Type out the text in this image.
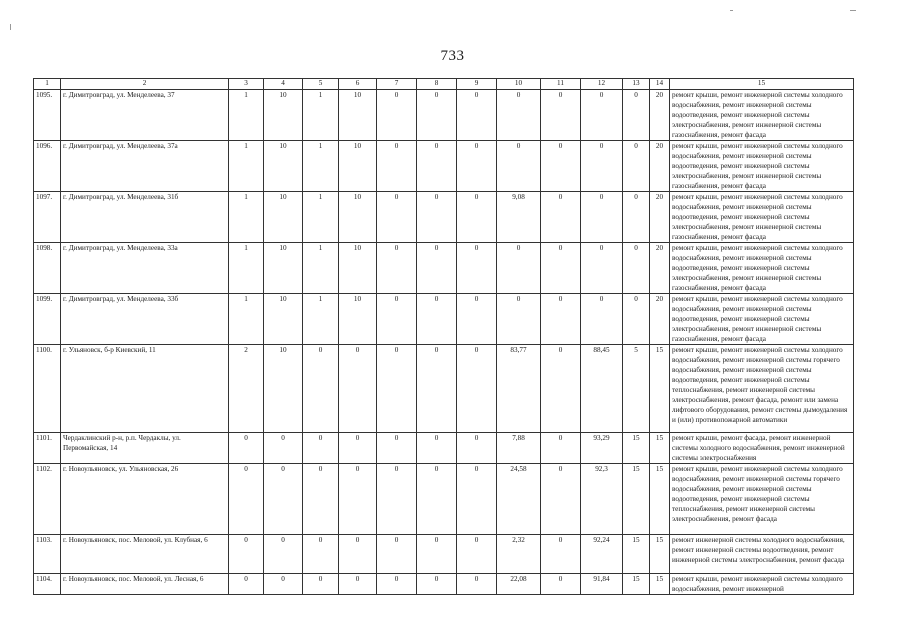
733
1	2	3	4	5	6	7	8	9	10	11	12	13	14	15
1095.	г. Димитровград, ул. Менделеева, 37	1	10	1	10	0	0	0	0	0	0	0	20	ремонт крыши, ремонт инженерной системы холодного водоснабжения, ремонт инженерной системы водоотведения, ремонт инженерной системы электроснабжения, ремонт инженерной системы газоснабжения, ремонт фасада
1096.	г. Димитровград, ул. Менделеева, 37а	1	10	1	10	0	0	0	0	0	0	0	20	ремонт крыши, ремонт инженерной системы холодного водоснабжения, ремонт инженерной системы водоотведения, ремонт инженерной системы электроснабжения, ремонт инженерной системы газоснабжения, ремонт фасада
1097.	г. Димитровград, ул. Менделеева, 31б	1	10	1	10	0	0	0	9,08	0	0	0	20	ремонт крыши, ремонт инженерной системы холодного водоснабжения, ремонт инженерной системы водоотведения, ремонт инженерной системы электроснабжения, ремонт инженерной системы газоснабжения, ремонт фасада
1098.	г. Димитровград, ул. Менделеева, 33а	1	10	1	10	0	0	0	0	0	0	0	20	ремонт крыши, ремонт инженерной системы холодного водоснабжения, ремонт инженерной системы водоотведения, ремонт инженерной системы электроснабжения, ремонт инженерной системы газоснабжения, ремонт фасада
1099.	г. Димитровград, ул. Менделеева, 33б	1	10	1	10	0	0	0	0	0	0	0	20	ремонт крыши, ремонт инженерной системы холодного водоснабжения, ремонт инженерной системы водоотведения, ремонт инженерной системы электроснабжения, ремонт инженерной системы газоснабжения, ремонт фасада
1100.	г. Ульяновск, б-р Киевский, 11	2	10	0	0	0	0	0	83,77	0	88,45	5	15	ремонт крыши, ремонт инженерной системы холодного водоснабжения, ремонт инженерной системы горячего водоснабжения, ремонт инженерной системы водоотведения, ремонт инженерной системы теплоснабжения, ремонт инженерной системы электроснабжения, ремонт фасада, ремонт или замена лифтового оборудования, ремонт системы дымоудаления и (или) противопожарной автоматики
1101.	Чердаклинский р-н, р.п. Чердаклы, ул. Первомайская, 14	0	0	0	0	0	0	0	7,88	0	93,29	15	15	ремонт крыши, ремонт фасада, ремонт инженерной системы холодного водоснабжения, ремонт инженерной системы электроснабжения
1102.	г. Новоульяновск, ул. Ульяновская, 26	0	0	0	0	0	0	0	24,58	0	92,3	15	15	ремонт крыши, ремонт инженерной системы холодного водоснабжения, ремонт инженерной системы горячего водоснабжения, ремонт инженерной системы водоотведения, ремонт инженерной системы теплоснабжения, ремонт инженерной системы электроснабжения, ремонт фасада
1103.	г. Новоульяновск, пос. Меловой, ул. Клубная, 6	0	0	0	0	0	0	0	2,32	0	92,24	15	15	ремонт инженерной системы холодного водоснабжения, ремонт инженерной системы водоотведения, ремонт инженерной системы электроснабжения, ремонт фасада
1104.	г. Новоульяновск, пос. Меловой, ул. Лесная, 6	0	0	0	0	0	0	0	22,08	0	91,84	15	15	ремонт крыши, ремонт инженерной системы холодного водоснабжения, ремонт инженерной
